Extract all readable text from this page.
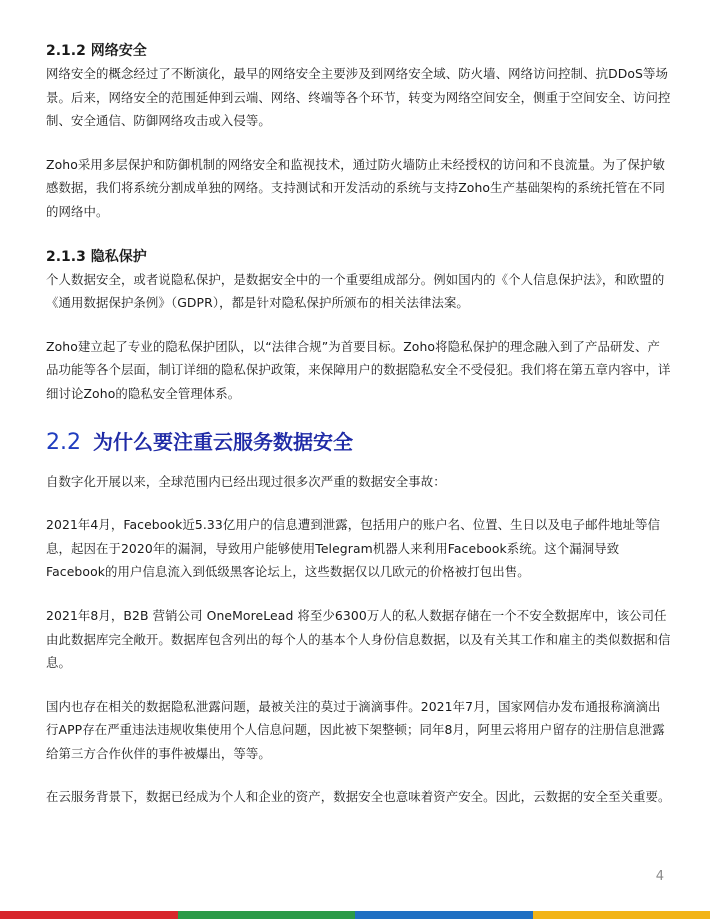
2.1.2 网络安全

网络安全的概念经过了不断演化，最早的网络安全主要涉及到网络安全域、防火墙、网络访问控制、抗DDoS等场景。后来，网络安全的范围延伸到云端、网络、终端等各个环节，转变为网络空间安全，侧重于空间安全、访问控制、安全通信、防御网络攻击或入侵等。

Zoho采用多层保护和防御机制的网络安全和监视技术，通过防火墙防止未经授权的访问和不良流量。为了保护敏感数据，我们将系统分割成单独的网络。支持测试和开发活动的系统与支持Zoho生产基础架构的系统托管在不同的网络中。

2.1.3 隐私保护

个人数据安全，或者说隐私保护，是数据安全中的一个重要组成部分。例如国内的《个人信息保护法》，和欧盟的《通用数据保护条例》（GDPR），都是针对隐私保护所颁布的相关法律法案。

Zoho建立起了专业的隐私保护团队，以“法律合规”为首要目标。Zoho将隐私保护的理念融入到了产品研发、产品功能等各个层面，制订详细的隐私保护政策，来保障用户的数据隐私安全不受侵犯。我们将在第五章内容中，详细讨论Zoho的隐私安全管理体系。

2.2 为什么要注重云服务数据安全

自数字化开展以来，全球范围内已经出现过很多次严重的数据安全事故：

2021年4月，Facebook近5.33亿用户的信息遭到泄露，包括用户的账户名、位置、生日以及电子邮件地址等信息，起因在于2020年的漏洞，导致用户能够使用Telegram机器人来利用Facebook系统。这个漏洞导致Facebook的用户信息流入到低级黑客论坛上，这些数据仅以几欧元的价格被打包出售。

2021年8月，B2B 营销公司 OneMoreLead 将至少6300万人的私人数据存储在一个不安全数据库中，该公司任由此数据库完全敞开。数据库包含列出的每个人的基本个人身份信息数据，以及有关其工作和雇主的类似数据和信息。

国内也存在相关的数据隐私泄露问题，最被关注的莫过于滴滴事件。2021年7月，国家网信办发布通报称滴滴出行APP存在严重违法违规收集使用个人信息问题，因此被下架整顿；同年8月，阿里云将用户留存的注册信息泄露给第三方合作伙伴的事件被爆出，等等。

在云服务背景下，数据已经成为个人和企业的资产，数据安全也意味着资产安全。因此，云数据的安全至关重要。

4
